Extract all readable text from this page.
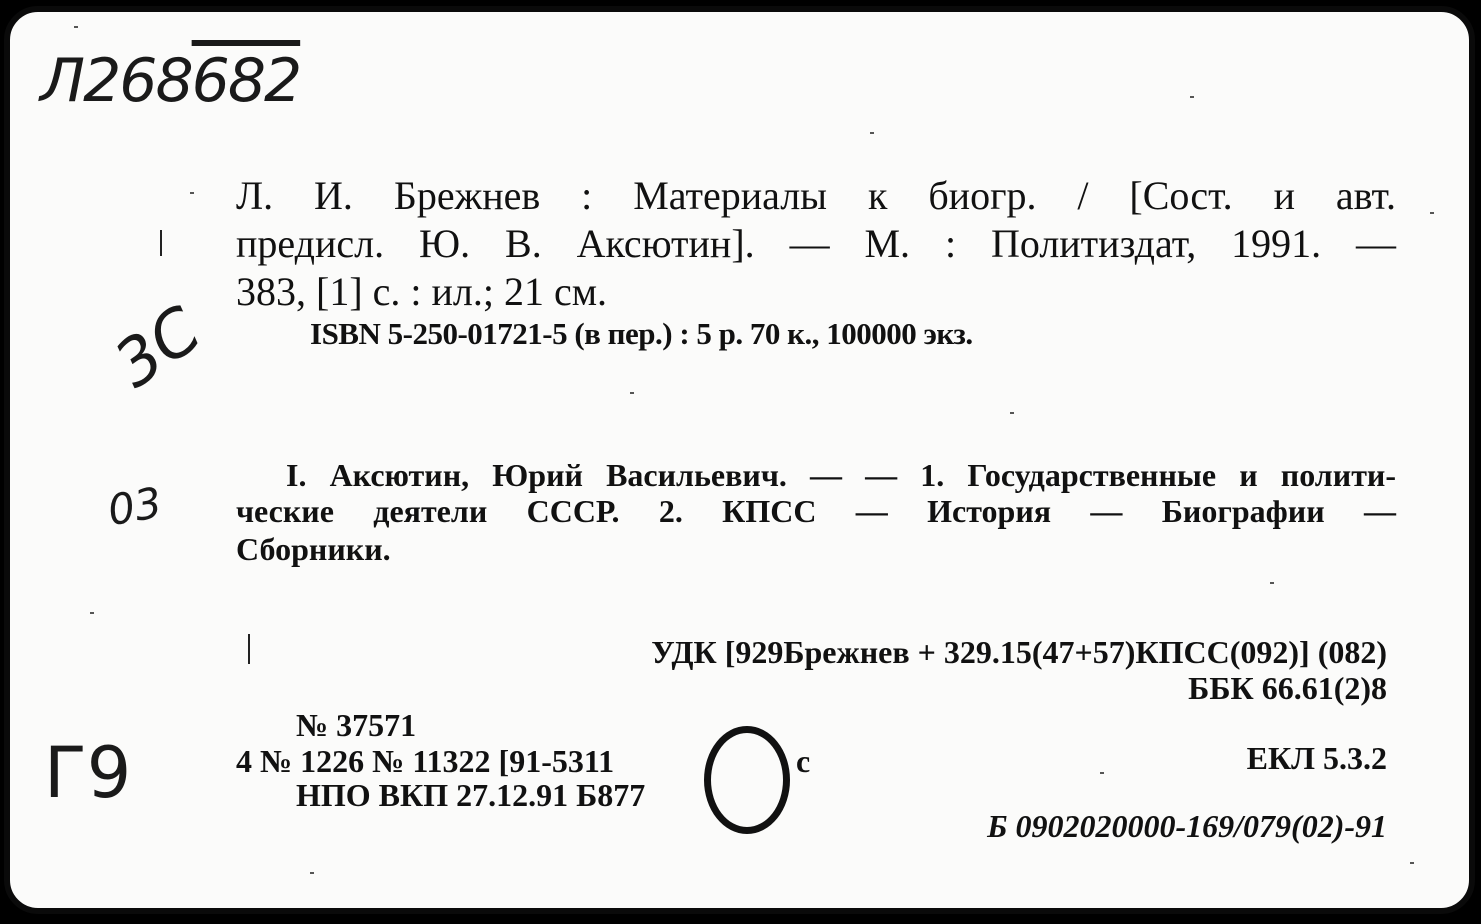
Л268682
3С
03
Г9
Л. И. Брежнев : Материалы к биогр. / [Сост. и авт.
предисл. Ю. В. Аксютин]. — М. : Политиздат, 1991. —
383, [1] с. : ил.; 21 см.
ISBN 5-250-01721-5 (в пер.) : 5 р. 70 к., 100000 экз.
I. Аксютин, Юрий Васильевич. — — 1. Государственные и полити-
ческие деятели СССР. 2. КПСС — История — Биографии —
Сборники.
УДК [929Брежнев + 329.15(47+57)КПСС(092)] (082)
ББК 66.61(2)8
ЕКЛ 5.3.2
Б 0902020000-169/079(02)-91
№ 37571
4 № 1226 № 11322 [91-5311	с
НПО ВКП 27.12.91 Б877
